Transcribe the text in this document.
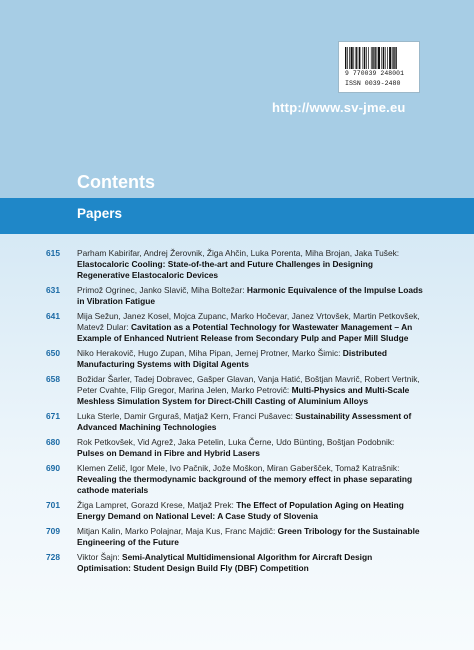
9 770039 248001
ISSN 0039-2480
http://www.sv-jme.eu
Contents
Papers
615 Parham Kabirifar, Andrej Žerovnik, Žiga Ahčin, Luka Porenta, Miha Brojan, Jaka Tušek: Elastocaloric Cooling: State-of-the-art and Future Challenges in Designing Regenerative Elastocaloric Devices
631 Primož Ogrinec, Janko Slavič, Miha Boltežar: Harmonic Equivalence of the Impulse Loads in Vibration Fatigue
641 Mija Sežun, Janez Kosel, Mojca Zupanc, Marko Hočevar, Janez Vrtovšek, Martin Petkovšek, Matevž Dular: Cavitation as a Potential Technology for Wastewater Management – An Example of Enhanced Nutrient Release from Secondary Pulp and Paper Mill Sludge
650 Niko Herakovič, Hugo Zupan, Miha Pipan, Jernej Protner, Marko Šimic: Distributed Manufacturing Systems with Digital Agents
658 Božidar Šarler, Tadej Dobravec, Gašper Glavan, Vanja Hatić, Boštjan Mavrič, Robert Vertnik, Peter Cvahte, Filip Gregor, Marina Jelen, Marko Petrovič: Multi-Physics and Multi-Scale Meshless Simulation System for Direct-Chill Casting of Aluminium Alloys
671 Luka Sterle, Damir Grguraš, Matjaž Kern, Franci Pušavec: Sustainability Assessment of Advanced Machining Technologies
680 Rok Petkovšek, Vid Agrež, Jaka Petelin, Luka Černe, Udo Bünting, Boštjan Podobnik: Pulses on Demand in Fibre and Hybrid Lasers
690 Klemen Zelič, Igor Mele, Ivo Pačnik, Jože Moškon, Miran Gaberšček, Tomaž Katrašnik: Revealing the thermodynamic background of the memory effect in phase separating cathode materials
701 Žiga Lampret, Gorazd Krese, Matjaž Prek: The Effect of Population Aging on Heating Energy Demand on National Level: A Case Study of Slovenia
709 Mitjan Kalin, Marko Polajnar, Maja Kus, Franc Majdič: Green Tribology for the Sustainable Engineering of the Future
728 Viktor Šajn: Semi-Analytical Multidimensional Algorithm for Aircraft Design Optimisation: Student Design Build Fly (DBF) Competition
